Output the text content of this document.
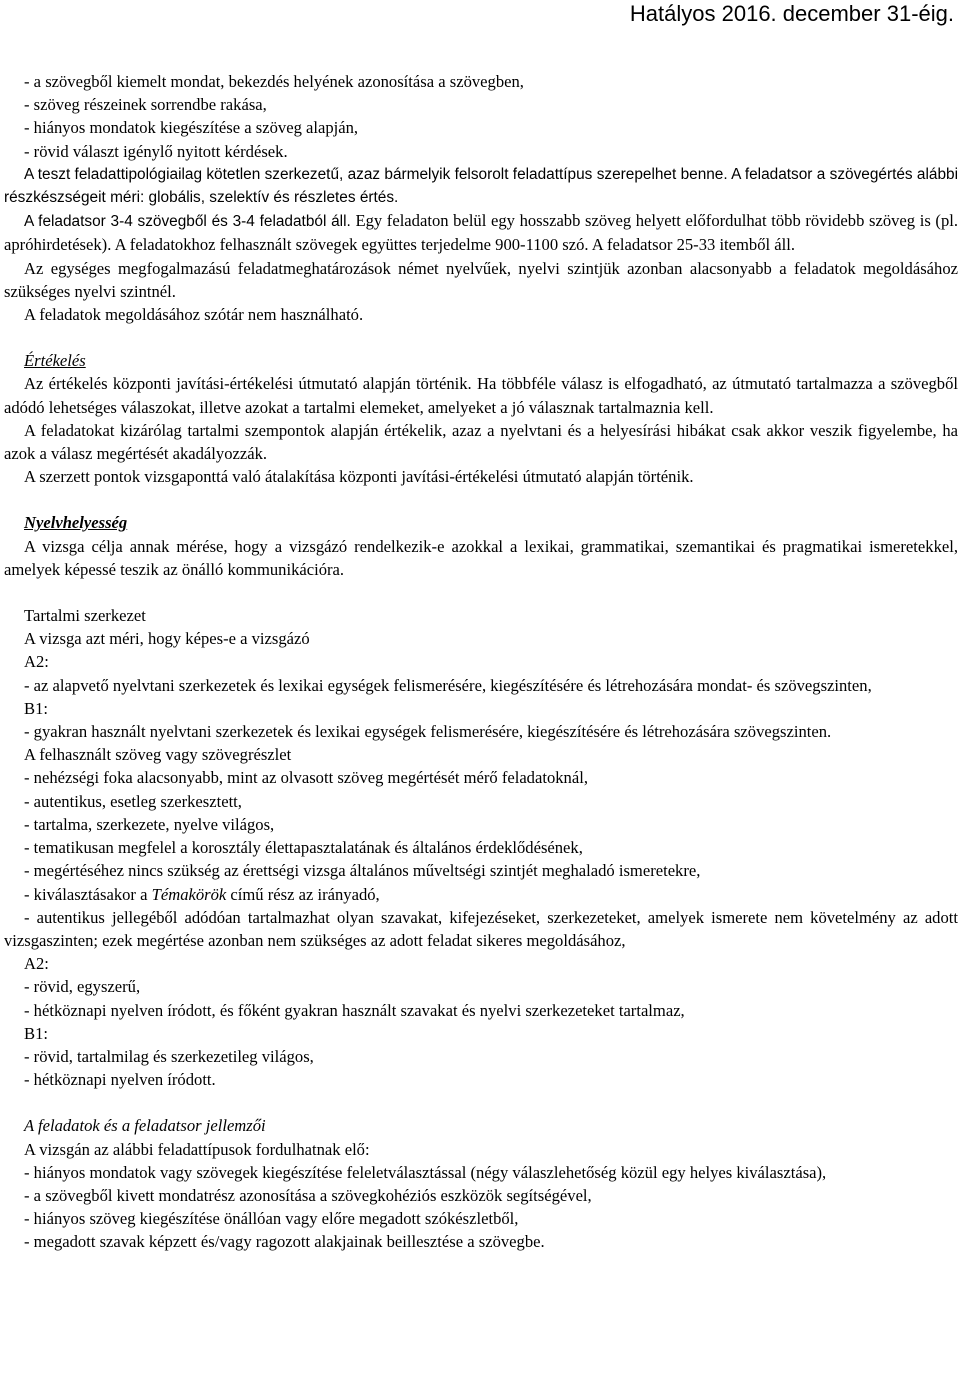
Hatályos 2016. december 31-éig.

- a szövegből kiemelt mondat, bekezdés helyének azonosítása a szövegben,

- szöveg részeinek sorrendbe rakása,

- hiányos mondatok kiegészítése a szöveg alapján,

- rövid választ igénylő nyitott kérdések.

A teszt feladattipológiailag kötetlen szerkezetű, azaz bármelyik felsorolt feladattípus szerepelhet benne. A feladatsor a szövegértés alábbi részkészségeit méri: globális, szelektív és részletes értés.

A feladatsor 3-4 szövegből és 3-4 feladatból áll. Egy feladaton belül egy hosszabb szöveg helyett előfordulhat több rövidebb szöveg is (pl. apróhirdetések). A feladatokhoz felhasznált szövegek együttes terjedelme 900-1100 szó. A feladatsor 25-33 itemből áll.

Az egységes megfogalmazású feladatmeghatározások német nyelvűek, nyelvi szintjük azonban alacsonyabb a feladatok megoldásához szükséges nyelvi szintnél.

A feladatok megoldásához szótár nem használható.

Értékelés

Az értékelés központi javítási-értékelési útmutató alapján történik. Ha többféle válasz is elfogadható, az útmutató tartalmazza a szövegből adódó lehetséges válaszokat, illetve azokat a tartalmi elemeket, amelyeket a jó válasznak tartalmaznia kell.

A feladatokat kizárólag tartalmi szempontok alapján értékelik, azaz a nyelvtani és a helyesírási hibákat csak akkor veszik figyelembe, ha azok a válasz megértését akadályozzák.

A szerzett pontok vizsgaponttá való átalakítása központi javítási-értékelési útmutató alapján történik.

Nyelvhelyesség

A vizsga célja annak mérése, hogy a vizsgázó rendelkezik-e azokkal a lexikai, grammatikai, szemantikai és pragmatikai ismeretekkel, amelyek képessé teszik az önálló kommunikációra.

Tartalmi szerkezet

A vizsga azt méri, hogy képes-e a vizsgázó

A2:

- az alapvető nyelvtani szerkezetek és lexikai egységek felismerésére, kiegészítésére és létrehozására mondat- és szövegszinten,

B1:

- gyakran használt nyelvtani szerkezetek és lexikai egységek felismerésére, kiegészítésére és létrehozására szövegszinten.

A felhasznált szöveg vagy szövegrészlet

- nehézségi foka alacsonyabb, mint az olvasott szöveg megértését mérő feladatoknál,

- autentikus, esetleg szerkesztett,

- tartalma, szerkezete, nyelve világos,

- tematikusan megfelel a korosztály élettapasztalatának és általános érdeklődésének,

- megértéséhez nincs szükség az érettségi vizsga általános műveltségi szintjét meghaladó ismeretekre,

- kiválasztásakor a Témakörök című rész az irányadó,

- autentikus jellegéből adódóan tartalmazhat olyan szavakat, kifejezéseket, szerkezeteket, amelyek ismerete nem követelmény az adott vizsgaszinten; ezek megértése azonban nem szükséges az adott feladat sikeres megoldásához,

A2:

- rövid, egyszerű,

- hétköznapi nyelven íródott, és főként gyakran használt szavakat és nyelvi szerkezeteket tartalmaz,

B1:

- rövid, tartalmilag és szerkezetileg világos,

- hétköznapi nyelven íródott.

A feladatok és a feladatsor jellemzői

A vizsgán az alábbi feladattípusok fordulhatnak elő:

- hiányos mondatok vagy szövegek kiegészítése feleletválasztással (négy válaszlehetőség közül egy helyes kiválasztása),

- a szövegből kivett mondatrész azonosítása a szövegkohéziós eszközök segítségével,

- hiányos szöveg kiegészítése önállóan vagy előre megadott szókészletből,

- megadott szavak képzett és/vagy ragozott alakjainak beillesztése a szövegbe.
